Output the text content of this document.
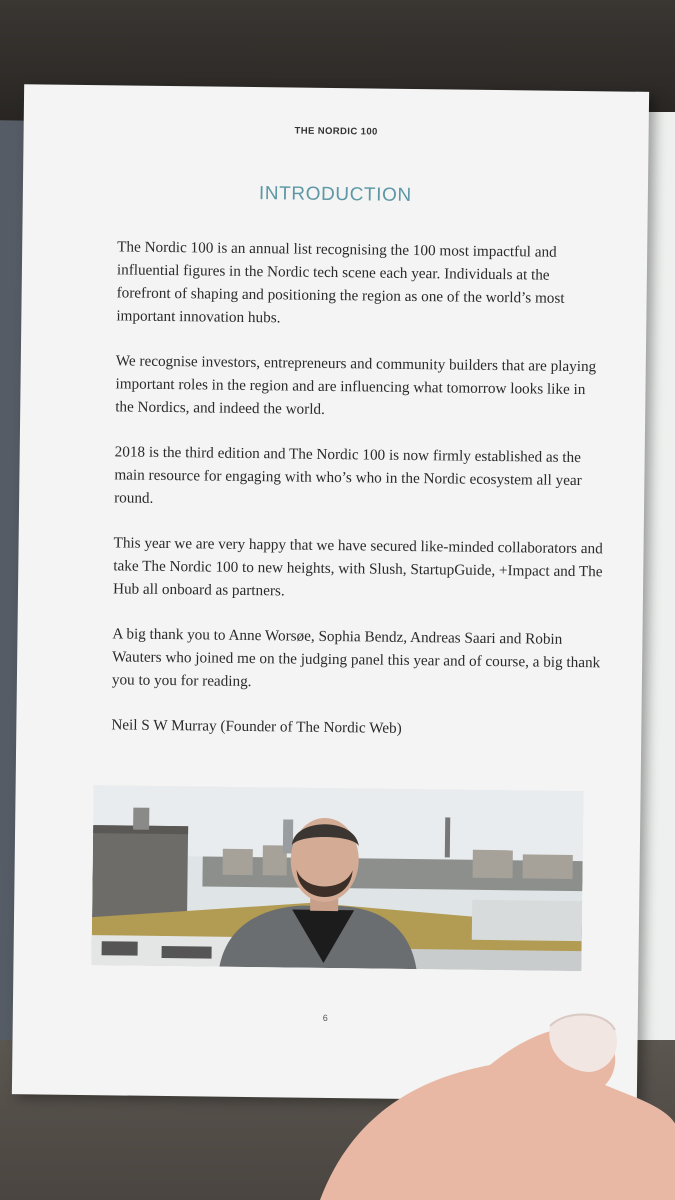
THE NORDIC 100
INTRODUCTION

The Nordic 100 is an annual list recognising the 100 most impactful and influential figures in the Nordic tech scene each year. Individuals at the forefront of shaping and positioning the region as one of the world’s most important innovation hubs.

We recognise investors, entrepreneurs and community builders that are playing important roles in the region and are influencing what tomorrow looks like in the Nordics, and indeed the world.

2018 is the third edition and The Nordic 100 is now firmly established as the main resource for engaging with who’s who in the Nordic ecosystem all year round.

This year we are very happy that we have secured like-minded collaborators and take The Nordic 100 to new heights, with Slush, StartupGuide, +Impact and The Hub all onboard as partners.

A big thank you to Anne Worsøe, Sophia Bendz, Andreas Saari and Robin Wauters who joined me on the judging panel this year and of course, a big thank you to you for reading.

Neil S W Murray (Founder of The Nordic Web)

6
